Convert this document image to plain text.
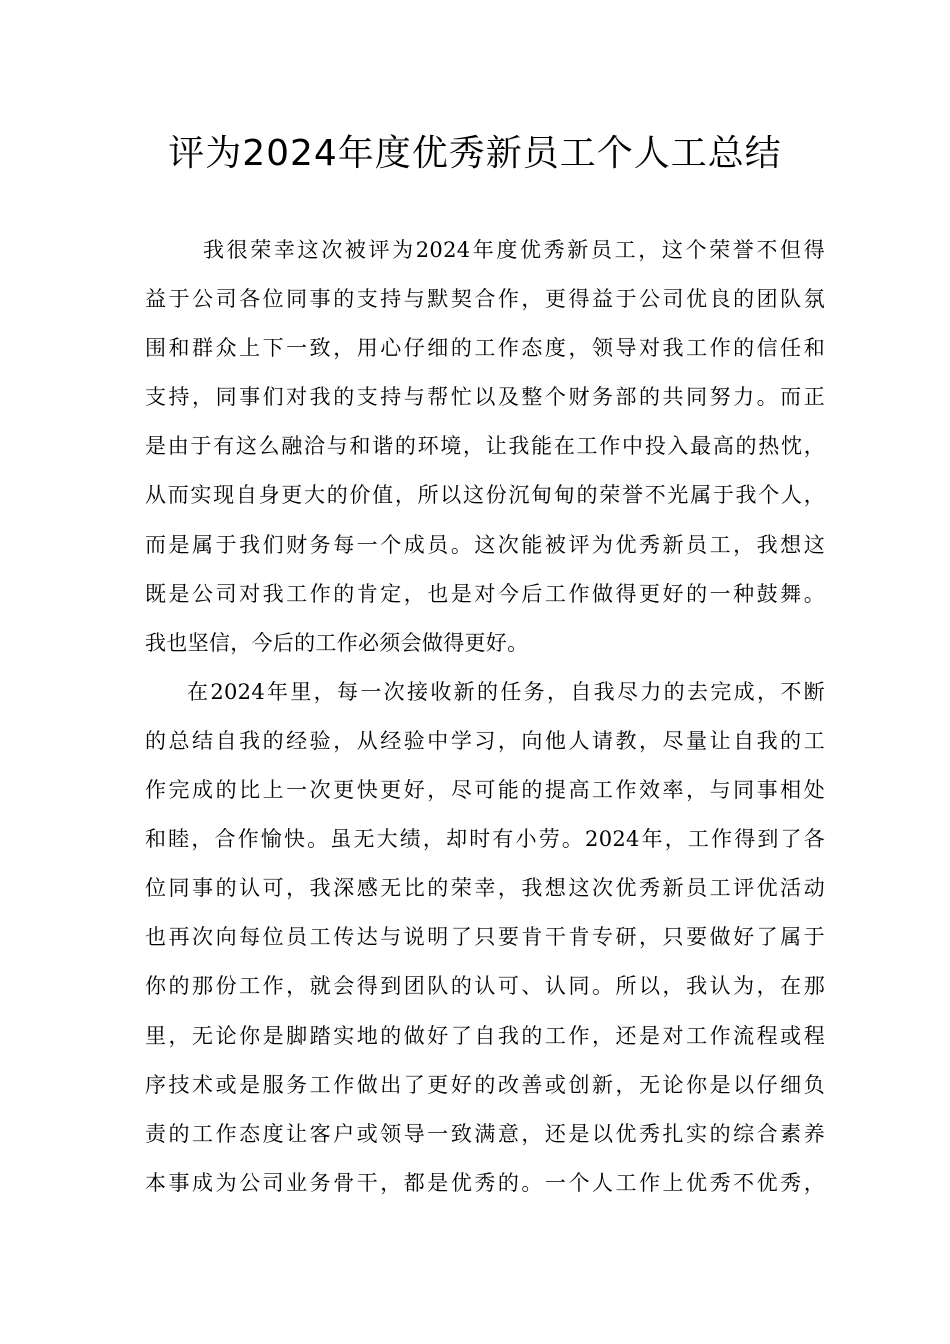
评为2024年度优秀新员工个人工总结

我很荣幸这次被评为2024年度优秀新员工，这个荣誉不但得
益于公司各位同事的支持与默契合作，更得益于公司优良的团队氛
围和群众上下一致，用心仔细的工作态度，领导对我工作的信任和
支持，同事们对我的支持与帮忙以及整个财务部的共同努力。而正
是由于有这么融洽与和谐的环境，让我能在工作中投入最高的热忱，
从而实现自身更大的价值，所以这份沉甸甸的荣誉不光属于我个人，
而是属于我们财务每一个成员。这次能被评为优秀新员工，我想这
既是公司对我工作的肯定，也是对今后工作做得更好的一种鼓舞。
我也坚信，今后的工作必须会做得更好。

在2024年里，每一次接收新的任务，自我尽力的去完成，不断
的总结自我的经验，从经验中学习，向他人请教，尽量让自我的工
作完成的比上一次更快更好，尽可能的提高工作效率，与同事相处
和睦，合作愉快。虽无大绩，却时有小劳。2024年，工作得到了各
位同事的认可，我深感无比的荣幸，我想这次优秀新员工评优活动
也再次向每位员工传达与说明了只要肯干肯专研，只要做好了属于
你的那份工作，就会得到团队的认可、认同。所以，我认为，在那
里，无论你是脚踏实地的做好了自我的工作，还是对工作流程或程
序技术或是服务工作做出了更好的改善或创新，无论你是以仔细负
责的工作态度让客户或领导一致满意，还是以优秀扎实的综合素养
本事成为公司业务骨干，都是优秀的。一个人工作上优秀不优秀，
